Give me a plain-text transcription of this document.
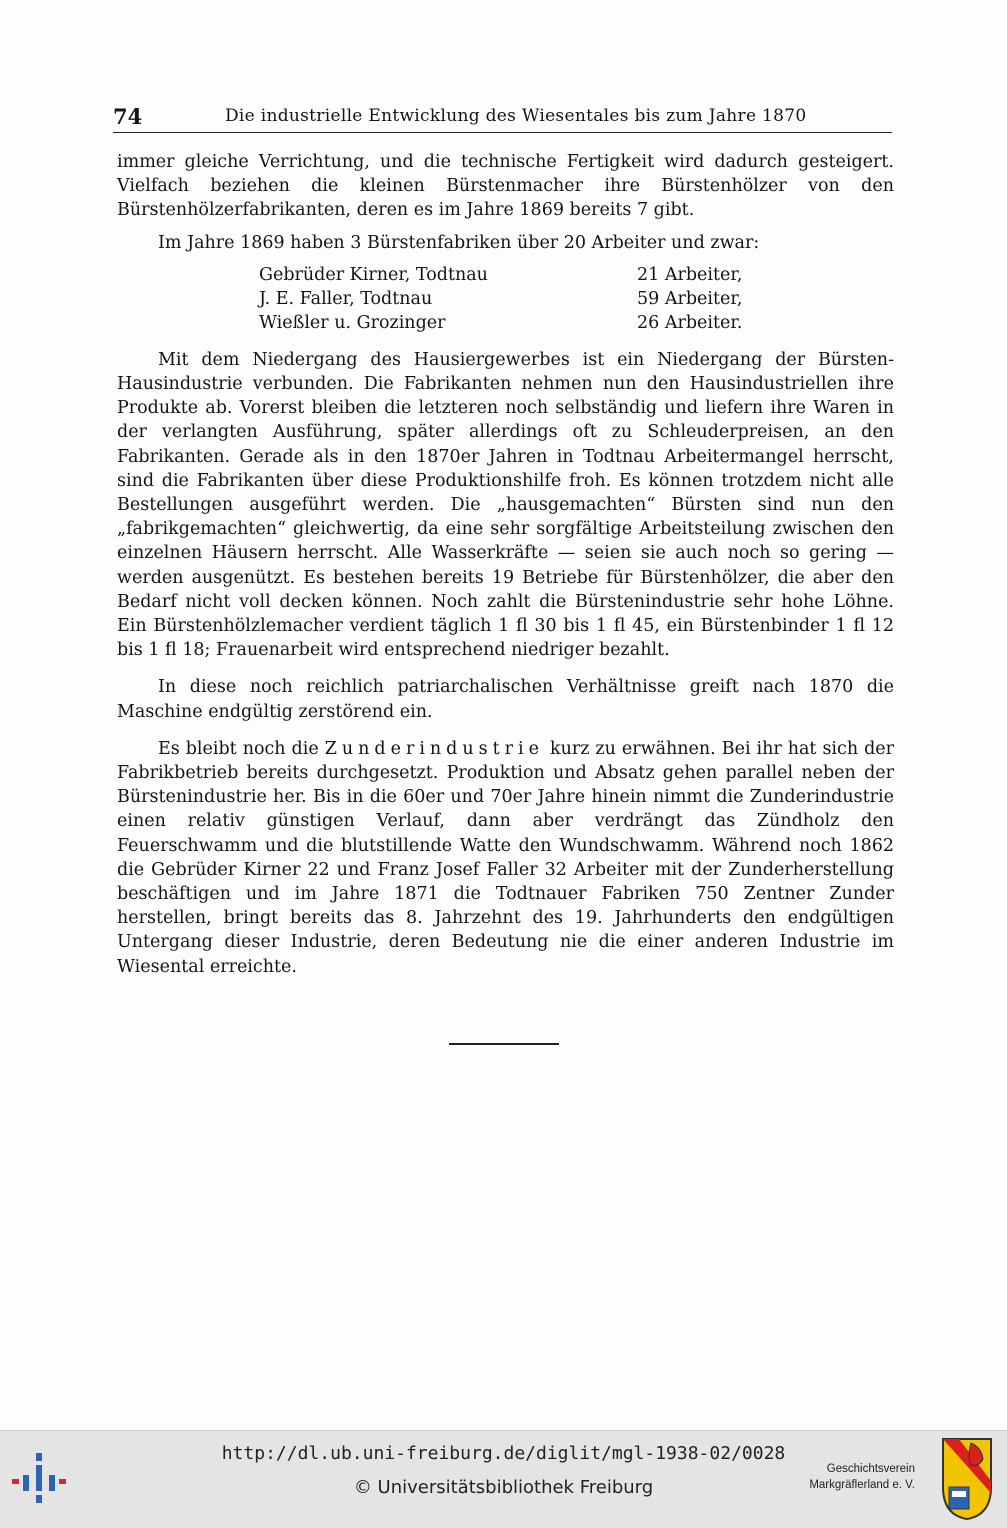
74	Die industrielle Entwicklung des Wiesentales bis zum Jahre 1870

immer gleiche Verrichtung, und die technische Fertigkeit wird dadurch gesteigert. Vielfach beziehen die kleinen Bürstenmacher ihre Bürstenhölzer von den Bürstenhölzerfabrikanten, deren es im Jahre 1869 bereits 7 gibt.

Im Jahre 1869 haben 3 Bürstenfabriken über 20 Arbeiter und zwar:

Gebrüder Kirner, Todtnau	21 Arbeiter,
J. E. Faller, Todtnau	59 Arbeiter,
Wießler u. Grozinger	26 Arbeiter.

Mit dem Niedergang des Hausiergewerbes ist ein Niedergang der Bürsten-Hausindustrie verbunden. Die Fabrikanten nehmen nun den Hausindustriellen ihre Produkte ab. Vorerst bleiben die letzteren noch selbständig und liefern ihre Waren in der verlangten Ausführung, später allerdings oft zu Schleuderpreisen, an den Fabrikanten. Gerade als in den 1870er Jahren in Todtnau Arbeitermangel herrscht, sind die Fabrikanten über diese Produktionshilfe froh. Es können trotzdem nicht alle Bestellungen ausgeführt werden. Die „hausgemachten“ Bürsten sind nun den „fabrikgemachten“ gleichwertig, da eine sehr sorgfältige Arbeitsteilung zwischen den einzelnen Häusern herrscht. Alle Wasserkräfte — seien sie auch noch so gering — werden ausgenützt. Es bestehen bereits 19 Betriebe für Bürstenhölzer, die aber den Bedarf nicht voll decken können. Noch zahlt die Bürstenindustrie sehr hohe Löhne. Ein Bürstenhölzlemacher verdient täglich 1 fl 30 bis 1 fl 45, ein Bürstenbinder 1 fl 12 bis 1 fl 18; Frauenarbeit wird entsprechend niedriger bezahlt.

In diese noch reichlich patriarchalischen Verhältnisse greift nach 1870 die Maschine endgültig zerstörend ein.

Es bleibt noch die Zunderindustrie kurz zu erwähnen. Bei ihr hat sich der Fabrikbetrieb bereits durchgesetzt. Produktion und Absatz gehen parallel neben der Bürstenindustrie her. Bis in die 60er und 70er Jahre hinein nimmt die Zunderindustrie einen relativ günstigen Verlauf, dann aber verdrängt das Zündholz den Feuerschwamm und die blutstillende Watte den Wundschwamm. Während noch 1862 die Gebrüder Kirner 22 und Franz Josef Faller 32 Arbeiter mit der Zunderherstellung beschäftigen und im Jahre 1871 die Todtnauer Fabriken 750 Zentner Zunder herstellen, bringt bereits das 8. Jahrzehnt des 19. Jahrhunderts den endgültigen Untergang dieser Industrie, deren Bedeutung nie die einer anderen Industrie im Wiesental erreichte.

http://dl.ub.uni-freiburg.de/diglit/mgl-1938-02/0028
© Universitätsbibliothek Freiburg
Geschichtsverein
Markgräflerland e. V.
